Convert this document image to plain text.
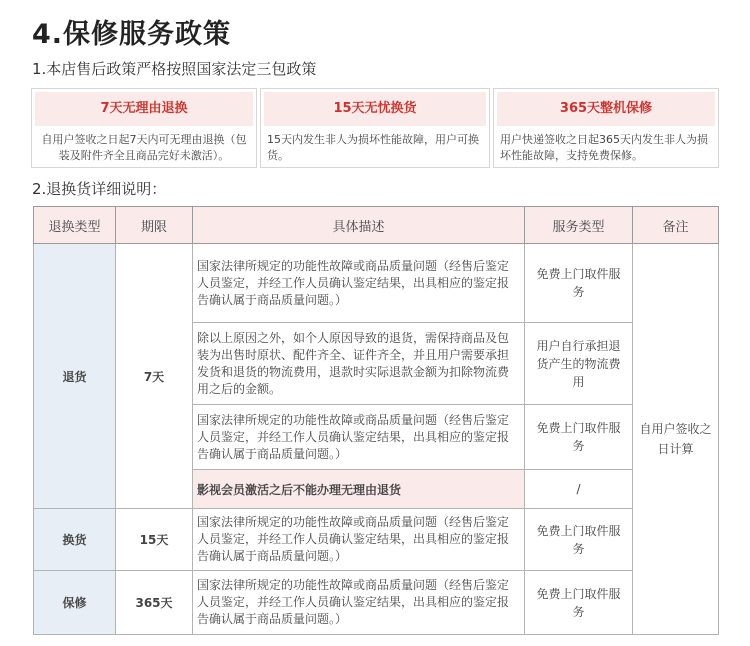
4.保修服务政策
1.本店售后政策严格按照国家法定三包政策
7天无理由退换
自用户签收之日起7天内可无理由退换（包装及附件齐全且商品完好未激活）。
15天无忧换货
15天内发生非人为损坏性能故障，用户可换货。
365天整机保修
用户快递签收之日起365天内发生非人为损坏性能故障，支持免费保修。
2.退换货详细说明：
退换类型	期限	具体描述	服务类型	备注
退货	7天	国家法律所规定的功能性故障或商品质量问题（经售后鉴定人员鉴定，并经工作人员确认鉴定结果，出具相应的鉴定报告确认属于商品质量问题。）	免费上门取件服务	自用户签收之日计算
		除以上原因之外，如个人原因导致的退货，需保持商品及包装为出售时原状、配件齐全、证件齐全，并且用户需要承担发货和退货的物流费用，退款时实际退款金额为扣除物流费用之后的金额。	用户自行承担退货产生的物流费用	
		国家法律所规定的功能性故障或商品质量问题（经售后鉴定人员鉴定，并经工作人员确认鉴定结果，出具相应的鉴定报告确认属于商品质量问题。）	免费上门取件服务	
		影视会员激活之后不能办理无理由退货	/	
换货	15天	国家法律所规定的功能性故障或商品质量问题（经售后鉴定人员鉴定，并经工作人员确认鉴定结果，出具相应的鉴定报告确认属于商品质量问题。）	免费上门取件服务	
保修	365天	国家法律所规定的功能性故障或商品质量问题（经售后鉴定人员鉴定，并经工作人员确认鉴定结果，出具相应的鉴定报告确认属于商品质量问题。）	免费上门取件服务	
